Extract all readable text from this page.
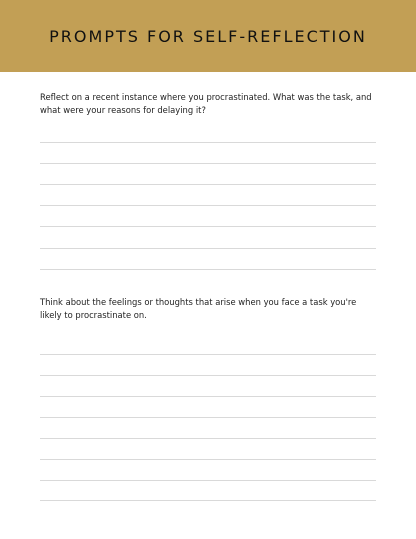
PROMPTS FOR SELF-REFLECTION

Reflect on a recent instance where you procrastinated. What was the task, and what were your reasons for delaying it?

Think about the feelings or thoughts that arise when you face a task you're likely to procrastinate on.
